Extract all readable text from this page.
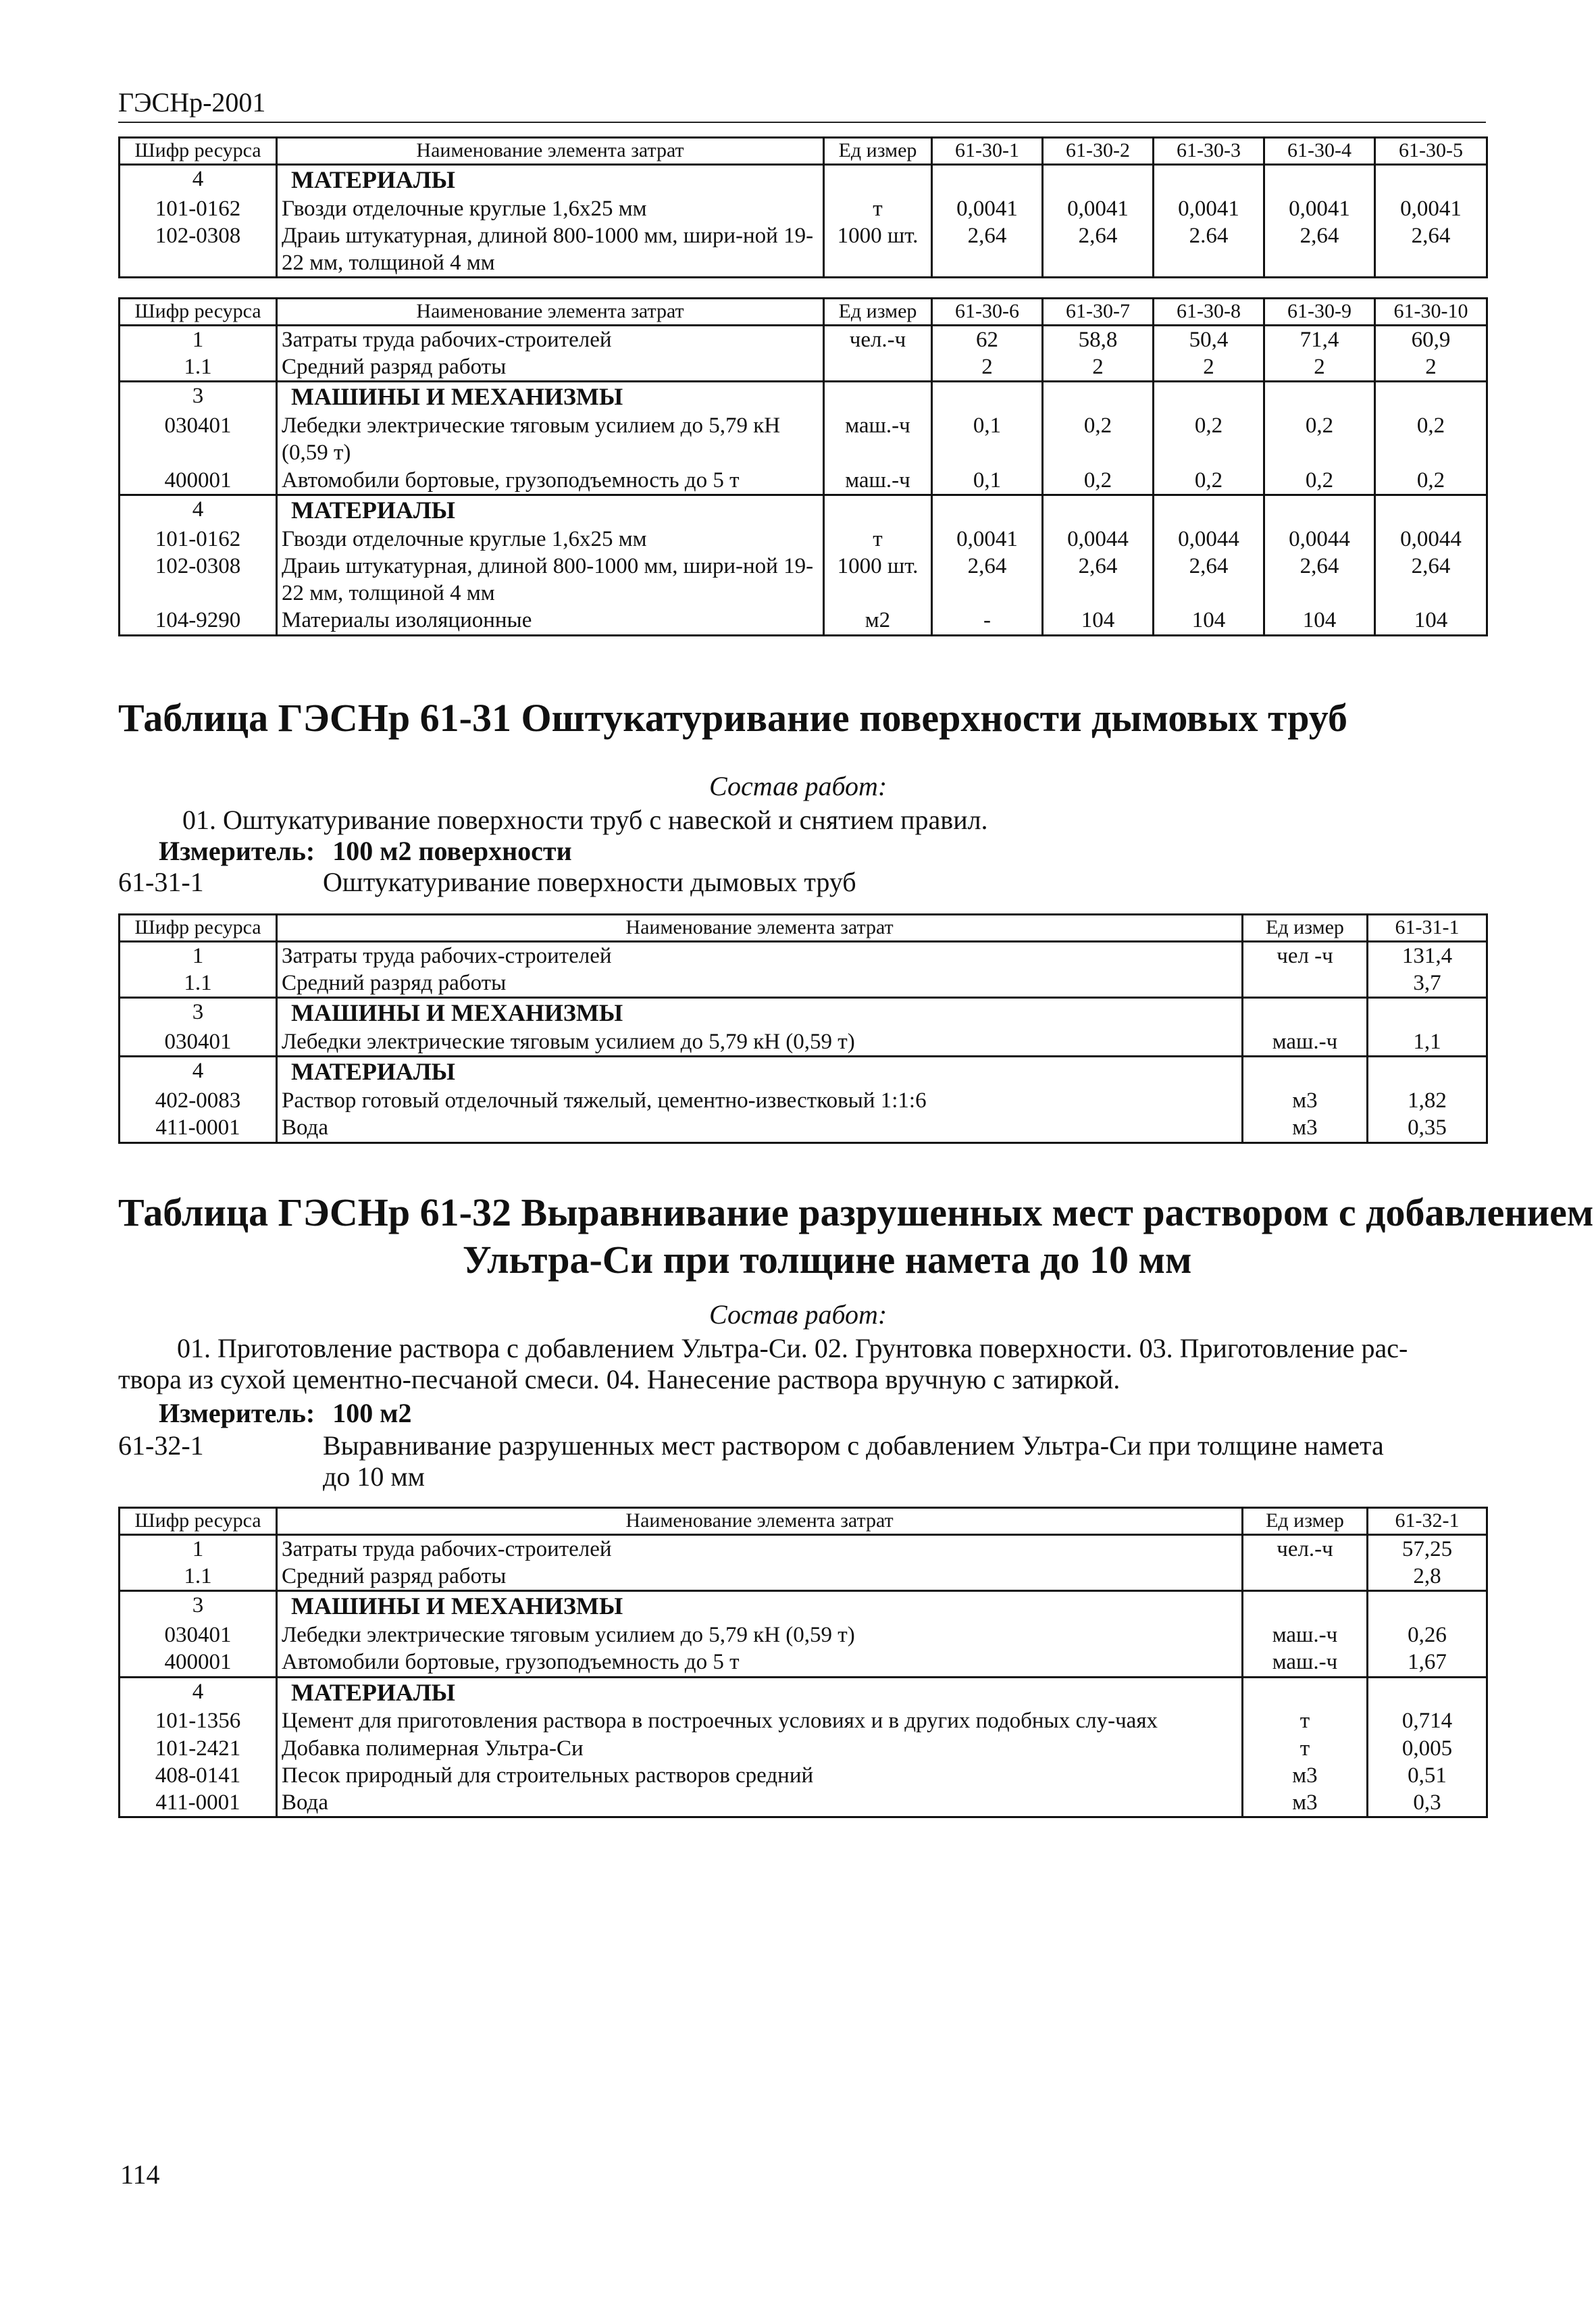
ГЭСНр-2001
Шифр ресурса	Наименование элемента затрат	Ед измер	61-30-1	61-30-2	61-30-3	61-30-4	61-30-5
4	МАТЕРИАЛЫ						
101-0162	Гвозди отделочные круглые 1,6х25 мм	т	0,0041	0,0041	0,0041	0,0041	0,0041
102-0308	Драиь штукатурная, длиной 800-1000 мм, шири-ной 19-22 мм, толщиной 4 мм	1000 шт.	2,64	2,64	2.64	2,64	2,64
Шифр ресурса	Наименование элемента затрат	Ед измер	61-30-6	61-30-7	61-30-8	61-30-9	61-30-10
1	Затраты труда рабочих-строителей	чел.-ч	62	58,8	50,4	71,4	60,9
1.1	Средний разряд работы		2	2	2	2	2
3	МАШИНЫ И МЕХАНИЗМЫ						
030401	Лебедки электрические тяговым усилием до 5,79 кН (0,59 т)	маш.-ч	0,1	0,2	0,2	0,2	0,2
400001	Автомобили бортовые, грузоподъемность до 5 т	маш.-ч	0,1	0,2	0,2	0,2	0,2
4	МАТЕРИАЛЫ						
101-0162	Гвозди отделочные круглые 1,6х25 мм	т	0,0041	0,0044	0,0044	0,0044	0,0044
102-0308	Драиь штукатурная, длиной 800-1000 мм, шири-ной 19-22 мм, толщиной 4 мм	1000 шт.	2,64	2,64	2,64	2,64	2,64
104-9290	Материалы изоляционные	м2	-	104	104	104	104
Таблица ГЭСНр 61-31 Оштукатуривание поверхности дымовых труб
Состав работ:
01. Оштукатуривание поверхности труб с навеской и снятием правил.
Измеритель: 100 м2 поверхности
61-31-1	Оштукатуривание поверхности дымовых труб
Шифр ресурса	Наименование элемента затрат	Ед измер	61-31-1
1	Затраты труда рабочих-строителей	чел -ч	131,4
1.1	Средний разряд работы		3,7
3	МАШИНЫ И МЕХАНИЗМЫ		
030401	Лебедки электрические тяговым усилием до 5,79 кН (0,59 т)	маш.-ч	1,1
4	МАТЕРИАЛЫ		
402-0083	Раствор готовый отделочный тяжелый, цементно-известковый 1:1:6	м3	1,82
411-0001	Вода	м3	0,35
Таблица ГЭСНр 61-32 Выравнивание разрушенных мест раствором с добавлением
Ультра-Си при толщине намета до 10 мм
Состав работ:
01. Приготовление раствора с добавлением Ультра-Си. 02. Грунтовка поверхности. 03. Приготовление рас-
твора из сухой цементно-песчаной смеси. 04. Нанесение раствора вручную с затиркой.
Измеритель: 100 м2
61-32-1	Выравнивание разрушенных мест раствором с добавлением Ультра-Си при толщине намета
до 10 мм
Шифр ресурса	Наименование элемента затрат	Ед измер	61-32-1
1	Затраты труда рабочих-строителей	чел.-ч	57,25
1.1	Средний разряд работы		2,8
3	МАШИНЫ И МЕХАНИЗМЫ		
030401	Лебедки электрические тяговым усилием до 5,79 кН (0,59 т)	маш.-ч	0,26
400001	Автомобили бортовые, грузоподъемность до 5 т	маш.-ч	1,67
4	МАТЕРИАЛЫ		
101-1356	Цемент для приготовления раствора в построечных условиях и в других подобных слу-чаях	т	0,714
101-2421	Добавка полимерная Ультра-Си	т	0,005
408-0141	Песок природный для строительных растворов средний	м3	0,51
411-0001	Вода	м3	0,3
114
